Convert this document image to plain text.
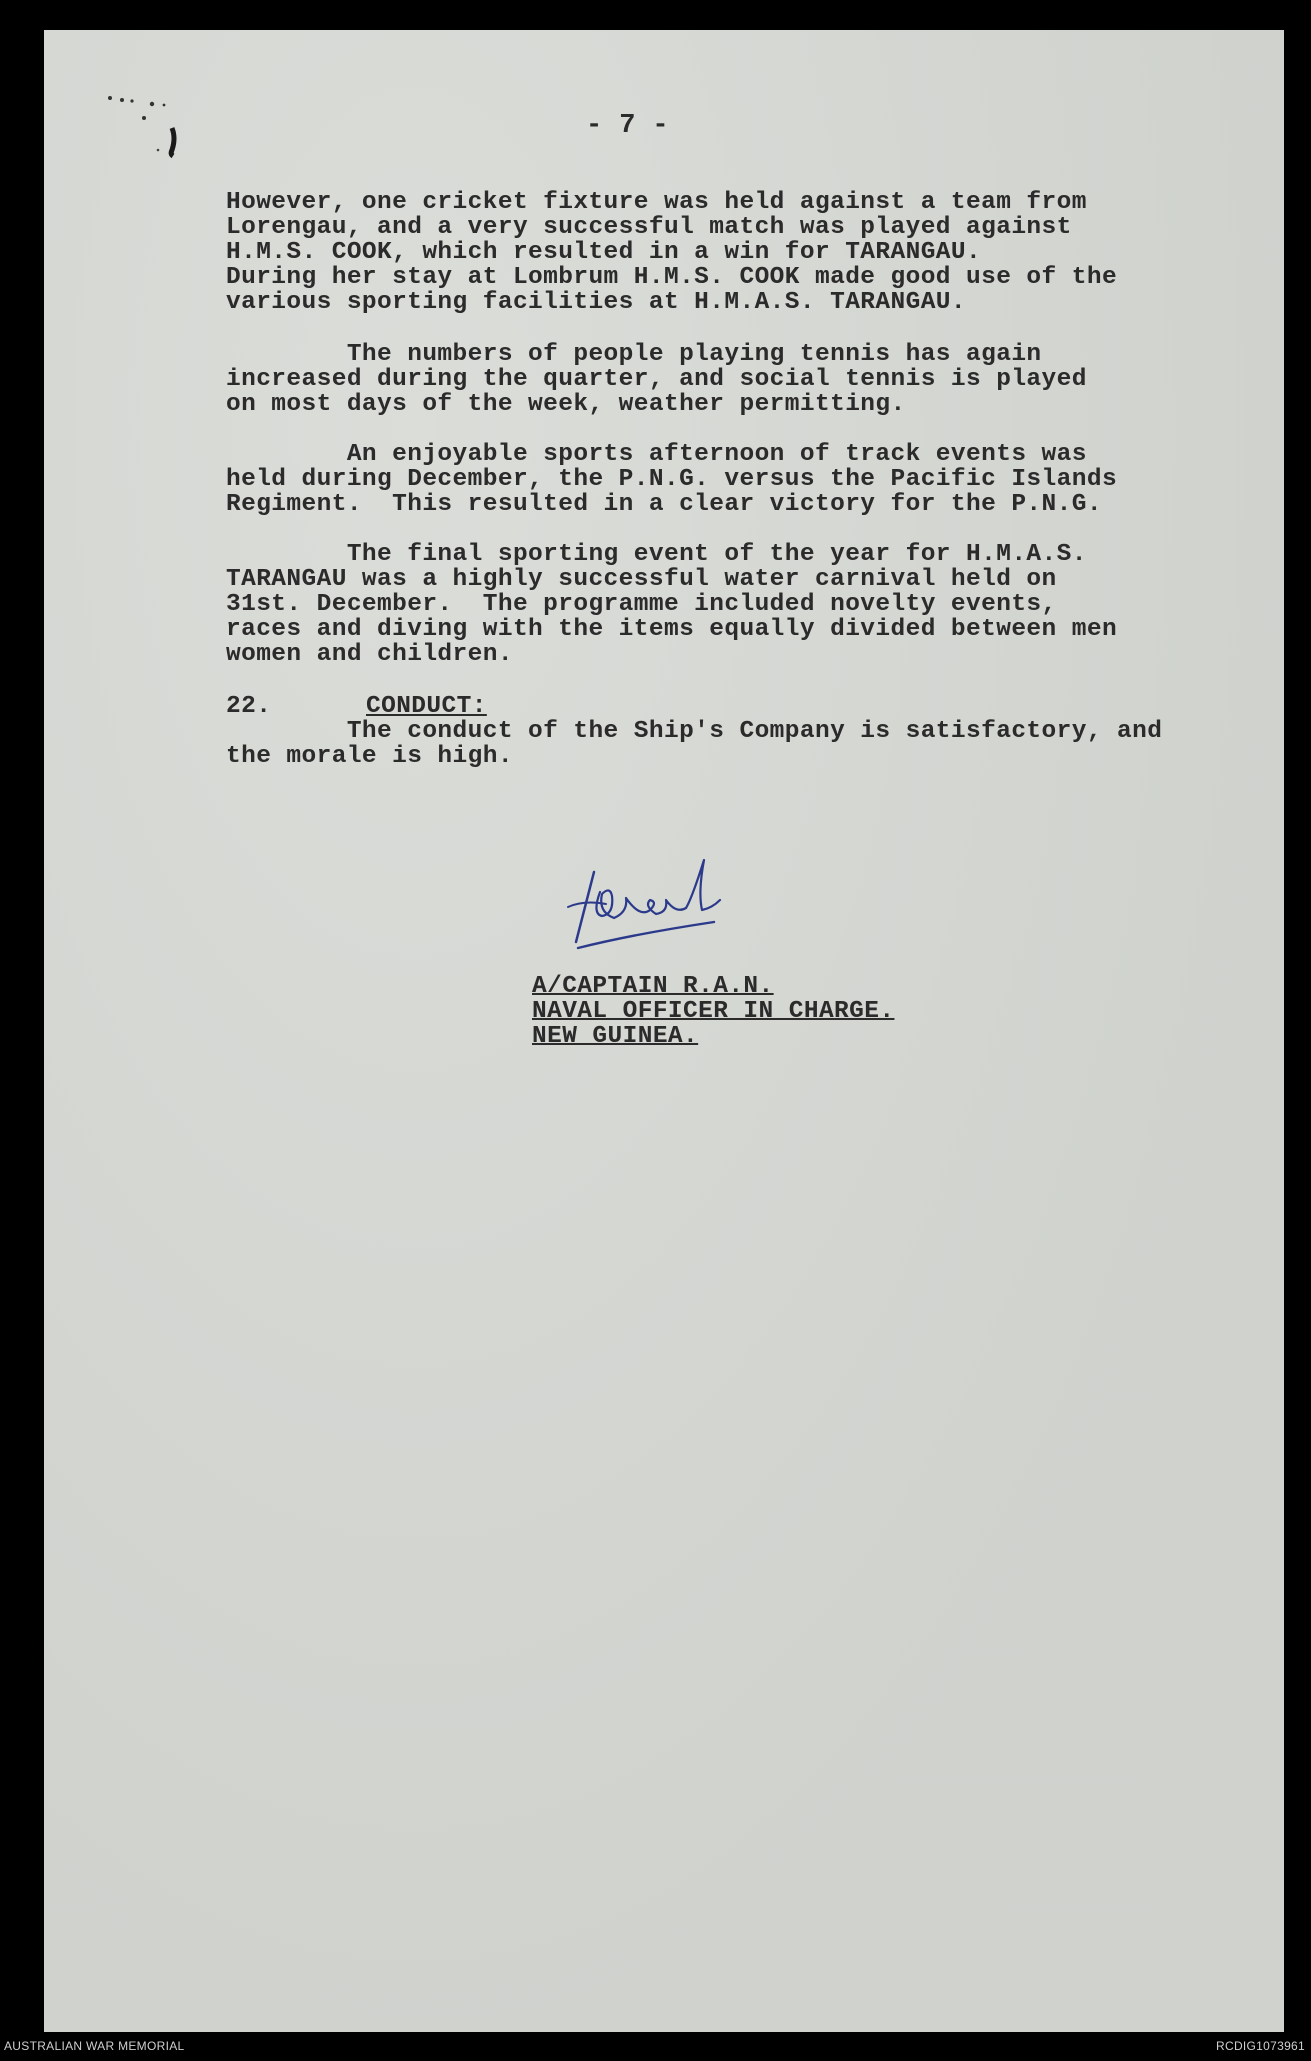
- 7 -
However, one cricket fixture was held against a team from
Lorengau, and a very successful match was played against
H.M.S. COOK, which resulted in a win for TARANGAU.
During her stay at Lombrum H.M.S. COOK made good use of the
various sporting facilities at H.M.A.S. TARANGAU.
The numbers of people playing tennis has again
increased during the quarter, and social tennis is played
on most days of the week, weather permitting.
An enjoyable sports afternoon of track events was
held during December, the P.N.G. versus the Pacific Islands
Regiment.  This resulted in a clear victory for the P.N.G.
The final sporting event of the year for H.M.A.S.
TARANGAU was a highly successful water carnival held on
31st. December.  The programme included novelty events,
races and diving with the items equally divided between men
women and children.
22.	CONDUCT:
The conduct of the Ship's Company is satisfactory, and
the morale is high.
A/CAPTAIN R.A.N.
NAVAL OFFICER IN CHARGE.
NEW GUINEA.
AUSTRALIAN WAR MEMORIAL	RCDIG1073961
